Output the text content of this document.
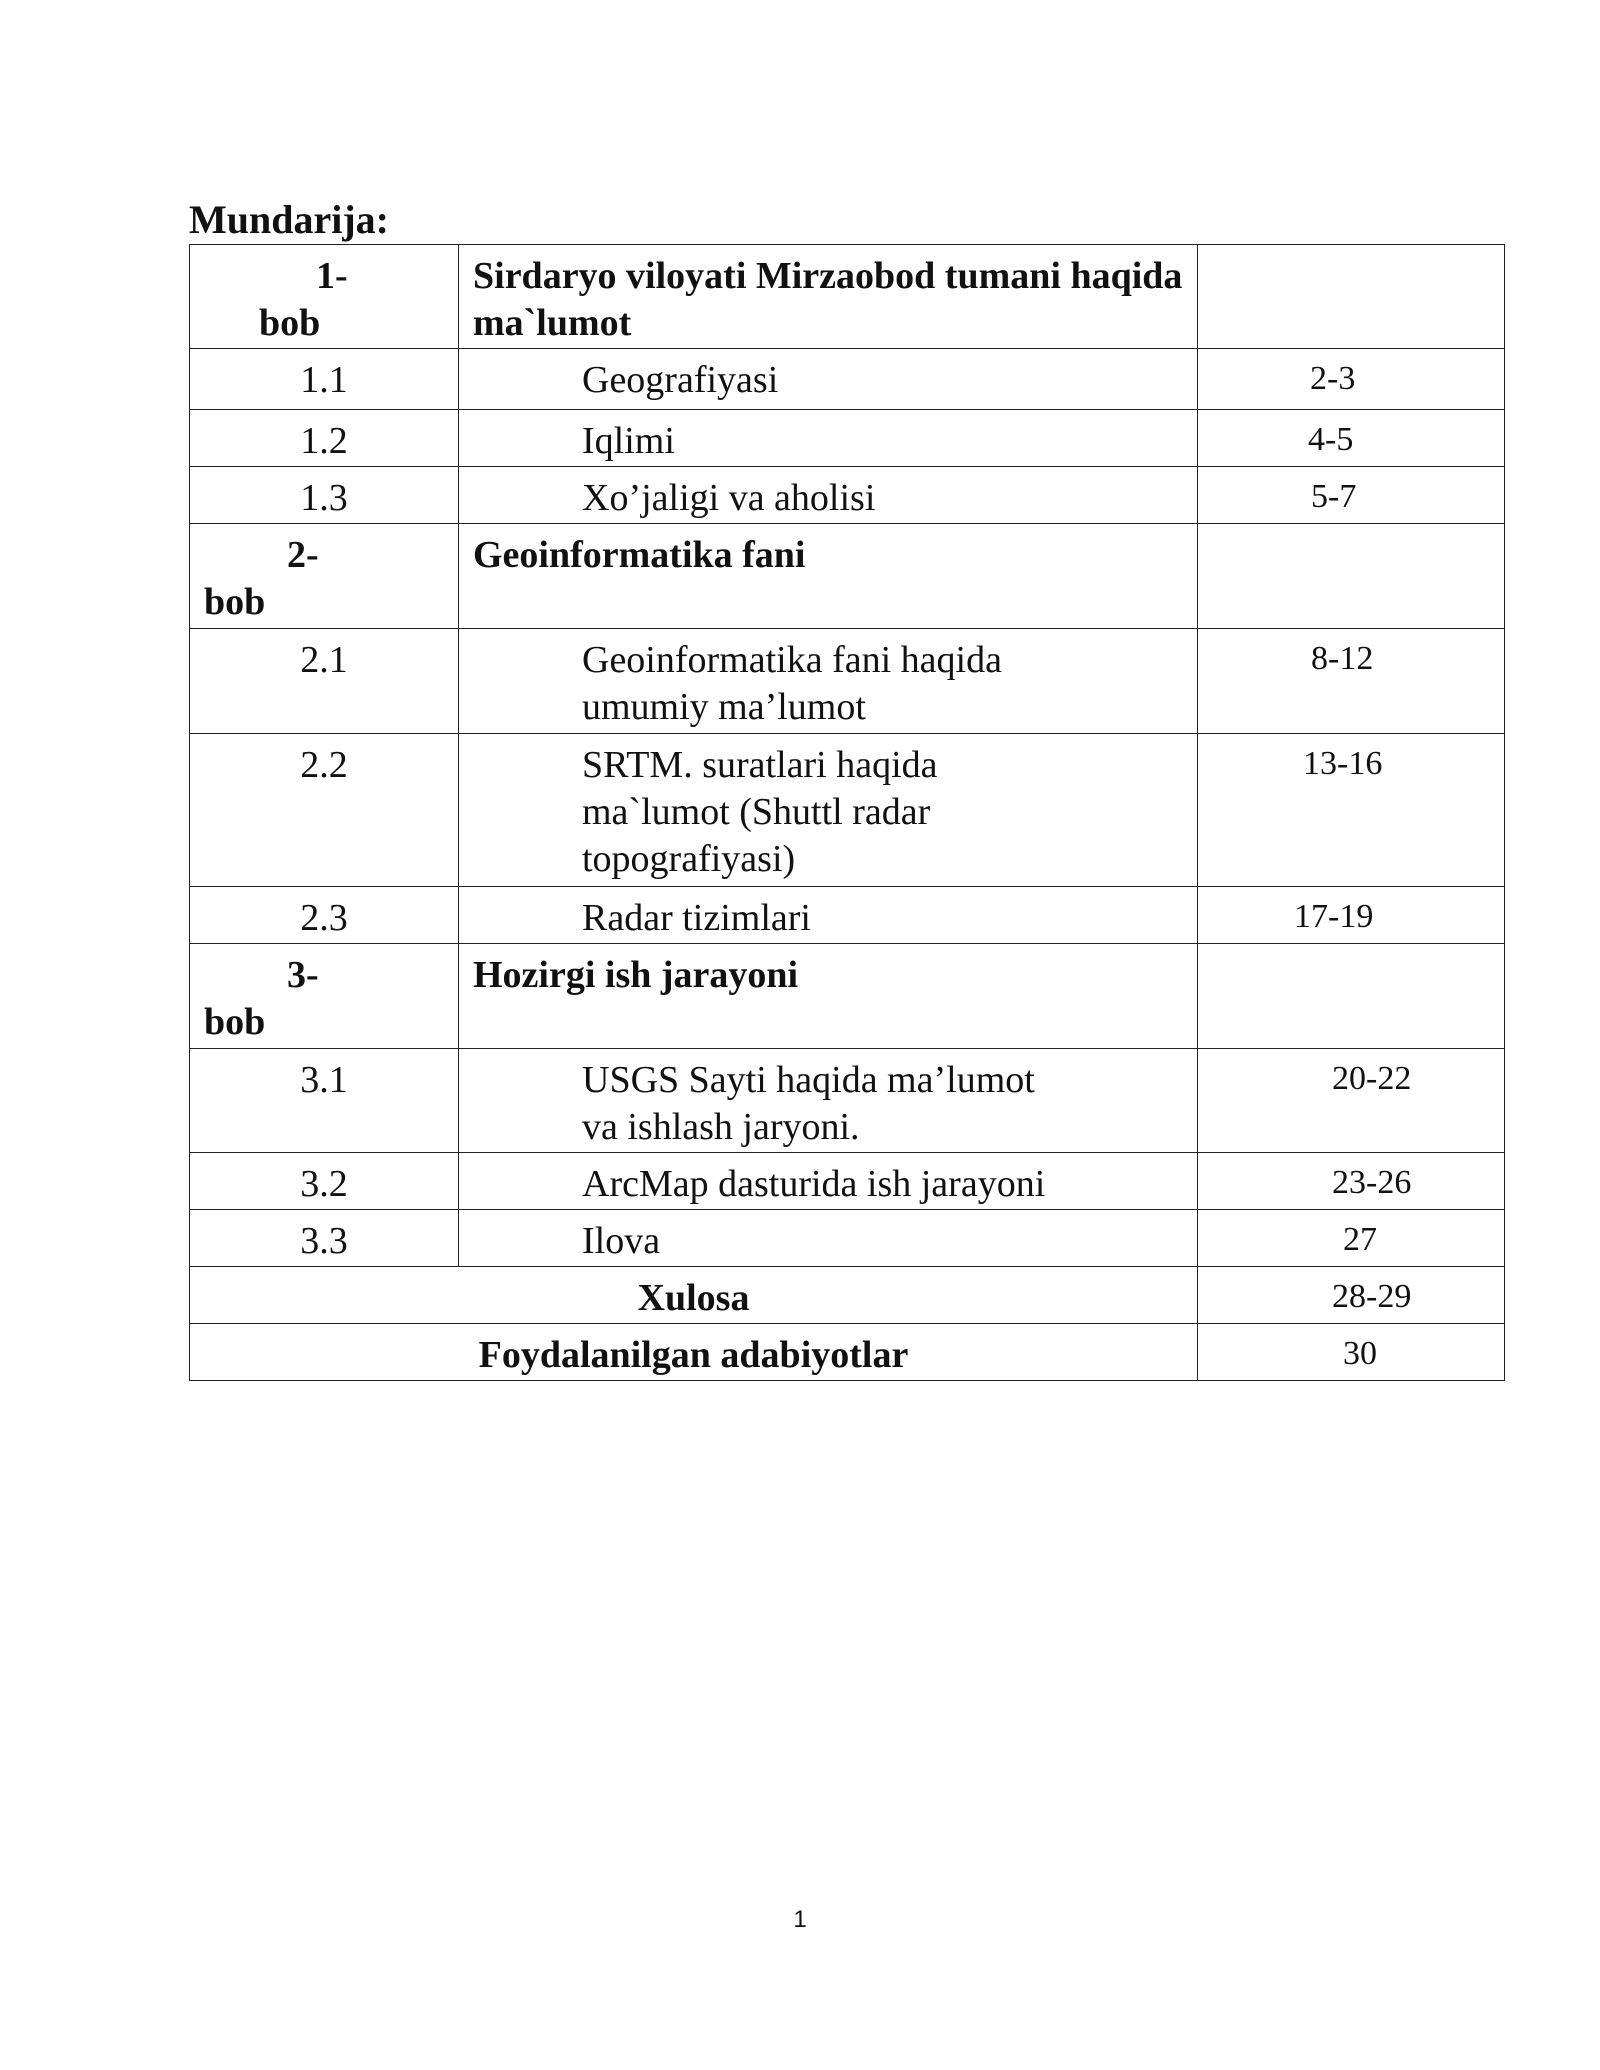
Mundarija:
1-
bob	Sirdaryo viloyati Mirzaobod tumani haqida ma`lumot	
1.1	Geografiyasi	2-3
1.2	Iqlimi	4-5
1.3	Xo’jaligi va aholisi	5-7

2-
bob	Geoinformatika fani	
2.1	Geoinformatika fani haqida umumiy ma’lumot	8-12
2.2	SRTM. suratlari haqida ma`lumot (Shuttl radar topografiyasi)	13-16
2.3	Radar tizimlari	17-19

3-
bob	Hozirgi ish jarayoni	
3.1	USGS Sayti haqida ma’lumot va ishlash jaryoni.	20-22
3.2	ArcMap dasturida ish jarayoni	23-26
3.3	Ilova	27
Xulosa		28-29
Foydalanilgan adabiyotlar		30
1
